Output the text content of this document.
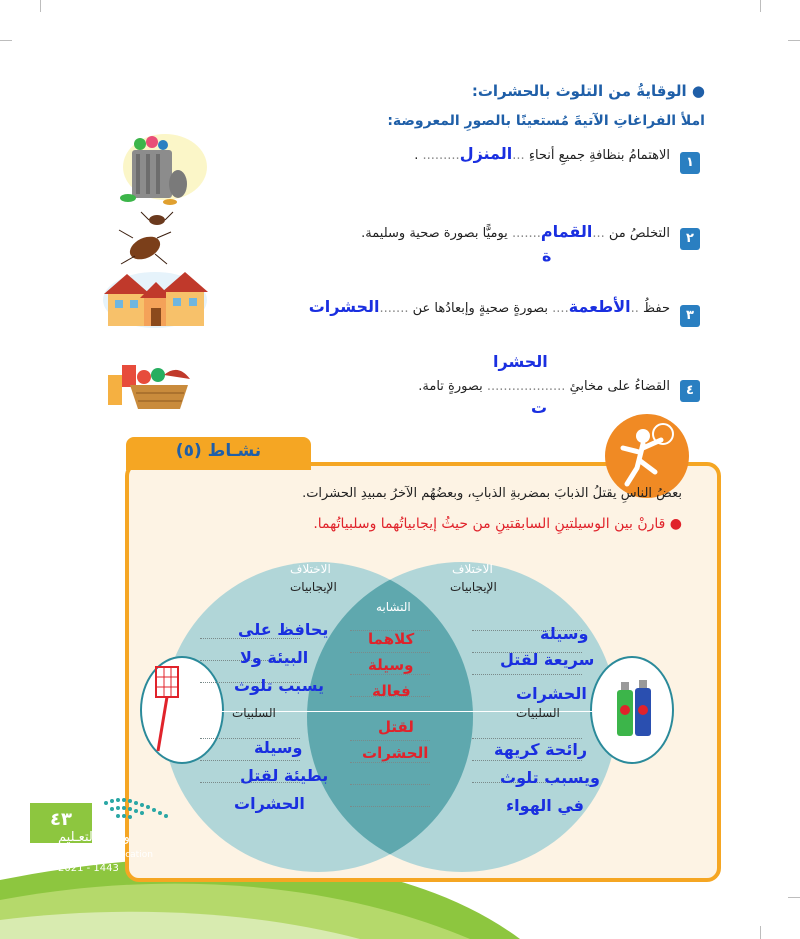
● الوقايةُ من التلوث بالحشرات:
املأ الفراغاتِ الآتيةَ مُستعينًا بالصورِ المعروضة:
١
الاهتمامُ بنظافةِ جميعِ أنحاءِ ...المنزل......... .
٢
التخلصُ من ...القمام....... يوميًّا بصورة صحية وسليمة.
ة
٣
حفظُ ..الأطعمة.... بصورةٍ صحيةٍ وإبعادُها عن .......الحشرات
٤
الحشرا
القضاءُ على مخابئِ ................... بصورةٍ تامة.
ت
نشـاط (٥)
بعضُ الناسِ يقتلُ الذبابَ بمضربةِ الذبابِ، وبعضُهُم الآخرُ بمبيدِ الحشرات.
● قارنْ بين الوسيلتينِ السابقتينِ من حيثُ إيجابياتُهما وسلبياتُهما.
الاختلاف
الإيجابيات
الاختلاف
الإيجابيات
التشابه
السلبيات	السلبيات
يحافظ على
البيئة ولا
يسبب تلوث
وسيلة
بطيئة لقتل
الحشرات
وسيلة
سريعة لقتل
الحشرات
رائحة كريهة
ويسبب تلوث
في الهواء
كلاهما
وسيلة
فعالة
لقتل
الحشرات
٤٣
وزارة التعـليم
Ministry of Education
2021 - 1443
